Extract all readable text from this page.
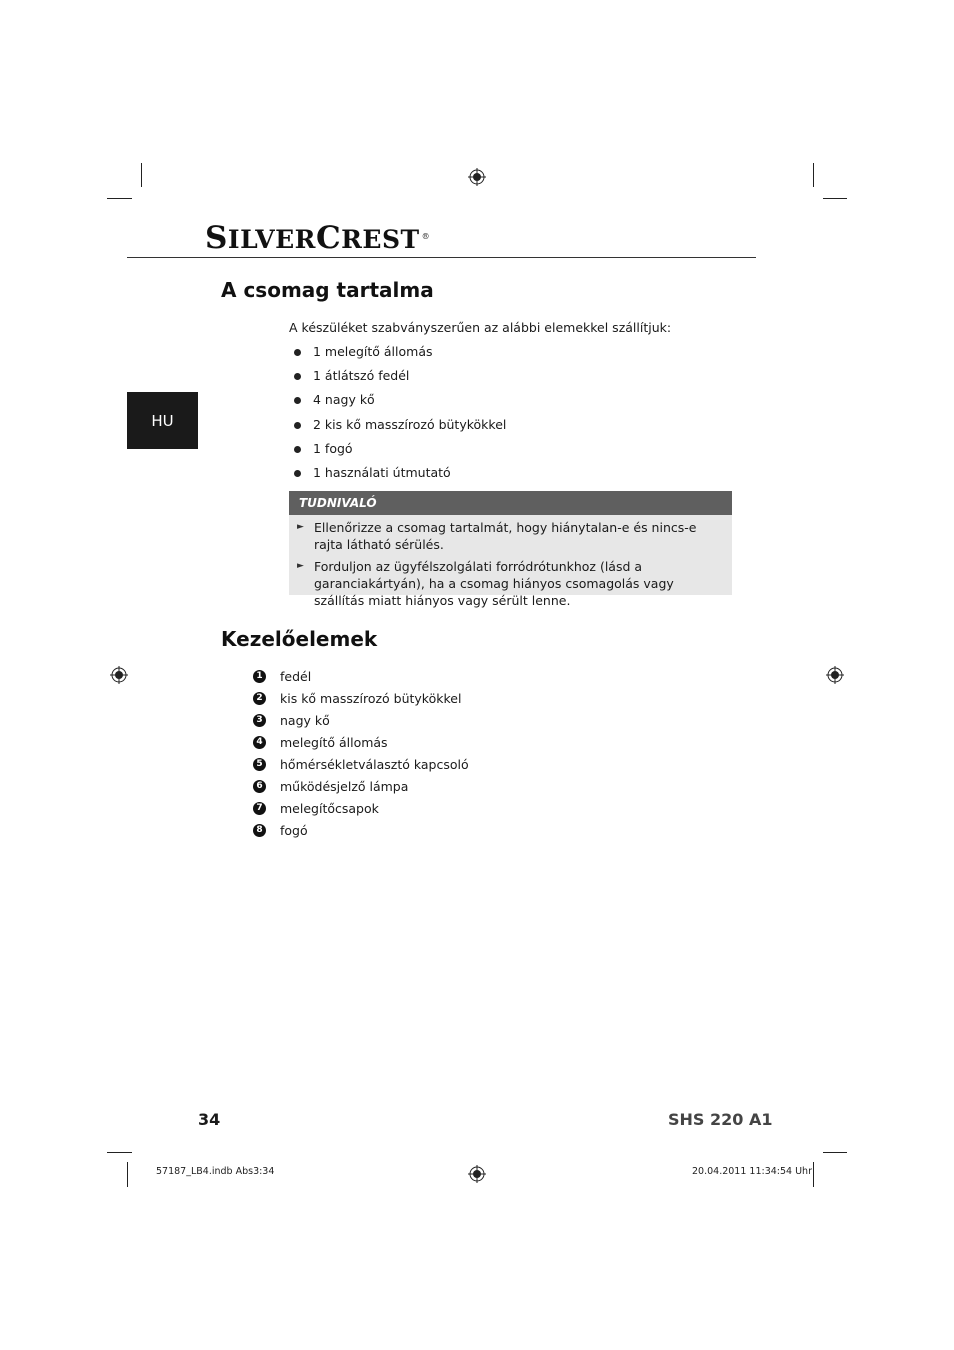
SILVERCREST ®
HU
A csomag tartalma
A készüléket szabványszerűen az alábbi elemekkel szállítjuk:
1 melegítő állomás
1 átlátszó fedél
4 nagy kő
2 kis kő masszírozó bütykökkel
1 fogó
1 használati útmutató
TUDNIVALÓ
► Ellenőrizze a csomag tartalmát, hogy hiánytalan-e és nincs-e rajta látható sérülés.
► Forduljon az ügyfélszolgálati forródrótunkhoz (lásd a garanciakártyán), ha a csomag hiányos csomagolás vagy szállítás miatt hiányos vagy sérült lenne.
Kezelőelemek
1 fedél
2 kis kő masszírozó bütykökkel
3 nagy kő
4 melegítő állomás
5 hőmérsékletválasztó kapcsoló
6 működésjelző lámpa
7 melegítőcsapok
8 fogó
34	SHS 220 A1
57187_LB4.indb Abs3:34	20.04.2011 11:34:54 Uhr
